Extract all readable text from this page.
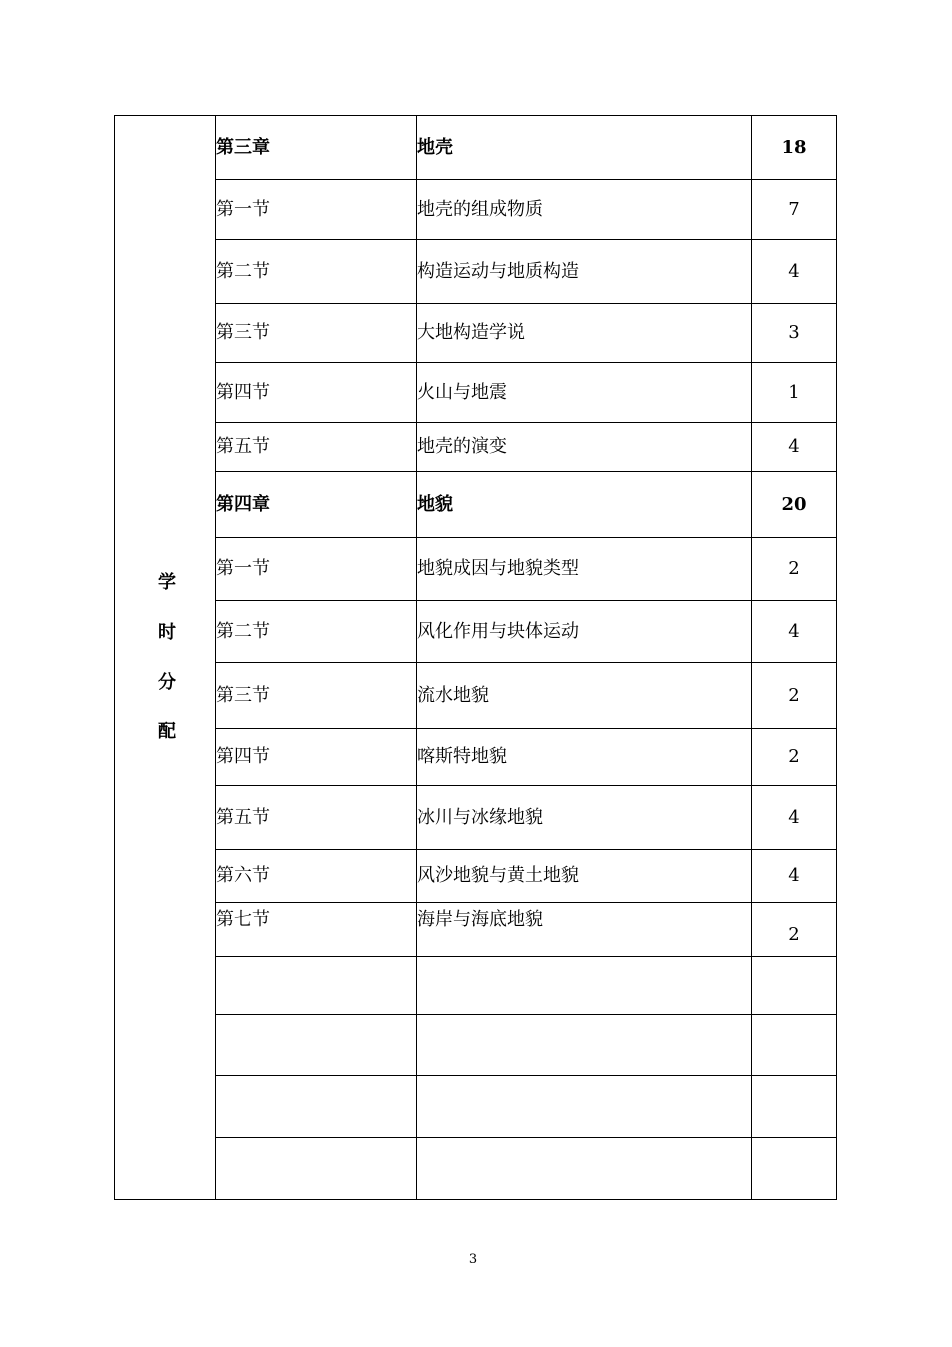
学
时
分
配	第三章	地壳	18
	第一节	地壳的组成物质	7
	第二节	构造运动与地质构造	4
	第三节	大地构造学说	3
	第四节	火山与地震	1
	第五节	地壳的演变	4
	第四章	地貌	20
	第一节	地貌成因与地貌类型	2
	第二节	风化作用与块体运动	4
	第三节	流水地貌	2
	第四节	喀斯特地貌	2
	第五节	冰川与冰缘地貌	4
	第六节	风沙地貌与黄土地貌	4
	第七节	海岸与海底地貌	2

3
